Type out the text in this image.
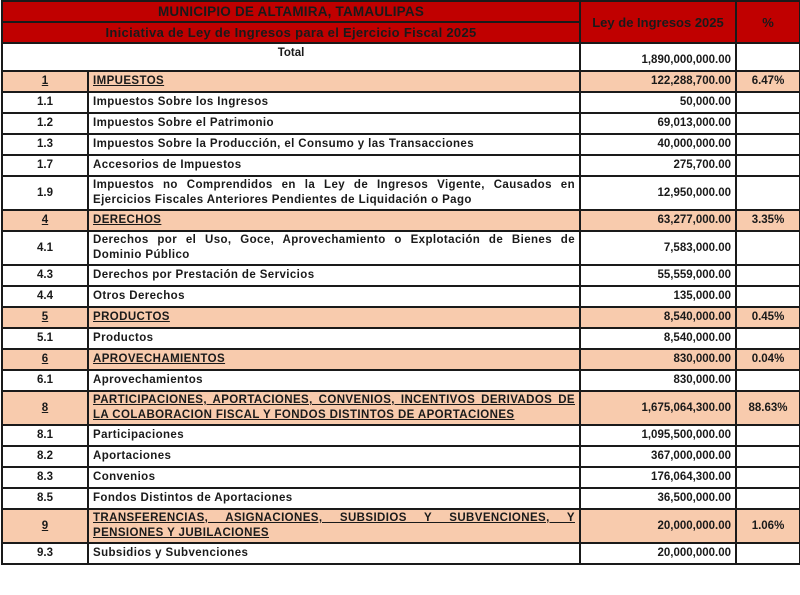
MUNICIPIO DE ALTAMIRA, TAMAULIPAS		Ley de Ingresos 2025	%
Iniciativa de Ley de Ingresos para el Ejercicio Fiscal 2025			
Total		1,890,000,000.00	
1	IMPUESTOS	122,288,700.00	6.47%
1.1	Impuestos Sobre los Ingresos	50,000.00	
1.2	Impuestos Sobre el Patrimonio	69,013,000.00	
1.3	Impuestos Sobre la Producción, el Consumo y las Transacciones	40,000,000.00	
1.7	Accesorios de Impuestos	275,700.00	
1.9	Impuestos no Comprendidos en la Ley de Ingresos Vigente, Causados en Ejercicios Fiscales Anteriores Pendientes de Liquidación o Pago	12,950,000.00	
4	DERECHOS	63,277,000.00	3.35%
4.1	Derechos por el Uso, Goce, Aprovechamiento o Explotación de Bienes de Dominio Público	7,583,000.00	
4.3	Derechos por Prestación de Servicios	55,559,000.00	
4.4	Otros Derechos	135,000.00	
5	PRODUCTOS	8,540,000.00	0.45%
5.1	Productos	8,540,000.00	
6	APROVECHAMIENTOS	830,000.00	0.04%
6.1	Aprovechamientos	830,000.00	
8	PARTICIPACIONES, APORTACIONES, CONVENIOS, INCENTIVOS DERIVADOS DE LA COLABORACION FISCAL Y FONDOS DISTINTOS DE APORTACIONES	1,675,064,300.00	88.63%
8.1	Participaciones	1,095,500,000.00	
8.2	Aportaciones	367,000,000.00	
8.3	Convenios	176,064,300.00	
8.5	Fondos Distintos de Aportaciones	36,500,000.00	
9	TRANSFERENCIAS, ASIGNACIONES, SUBSIDIOS Y SUBVENCIONES, Y PENSIONES Y JUBILACIONES	20,000,000.00	1.06%
9.3	Subsidios y Subvenciones	20,000,000.00	
